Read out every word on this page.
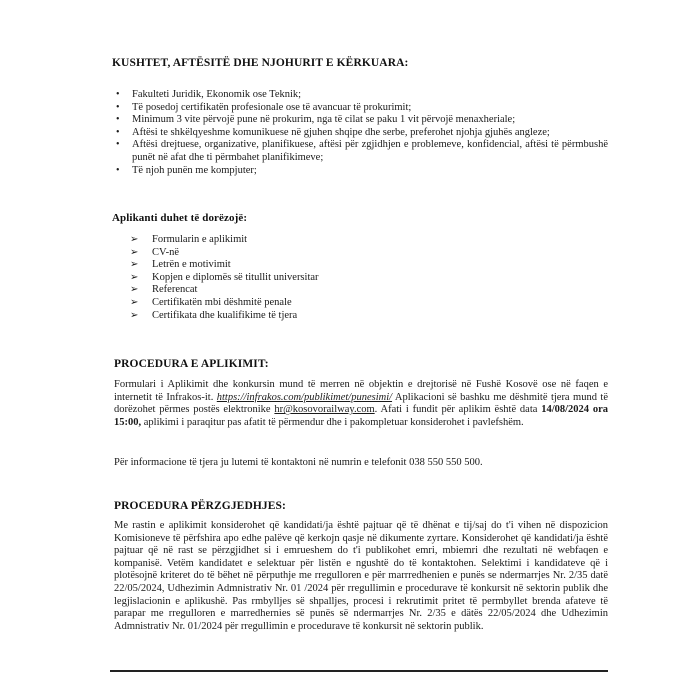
KUSHTET, AFTËSITË DHE NJOHURIT E KËRKUARA:
• Fakulteti Juridik, Ekonomik ose Teknik;
• Të posedoj certifikatën profesionale ose të avancuar të prokurimit;
• Minimum 3 vite përvojë pune në prokurim, nga të cilat se paku 1 vit përvojë menaxheriale;
• Aftësi te shkëlqyeshme komunikuese në gjuhen shqipe dhe serbe, preferohet njohja gjuhës angleze;
• Aftësi drejtuese, organizative, planifikuese, aftësi për zgjidhjen e problemeve, konfidencial, aftësi të përmbushë punët në afat dhe ti përmbahet planifikimeve;
• Të njoh punën me kompjuter;
Aplikanti duhet të dorëzojë:
➢ Formularin e aplikimit
➢ CV-në
➢ Letrën e motivimit
➢ Kopjen e diplomës së titullit universitar
➢ Referencat
➢ Certifikatën mbi dëshmitë penale
➢ Certifikata dhe kualifikime të tjera
PROCEDURA E APLIKIMIT:

Formulari i Aplikimit dhe konkursin mund të merren në objektin e drejtorisë në Fushë Kosovë ose në faqen e internetit të Infrakos-it. https://infrakos.com/publikimet/punesimi/ Aplikacioni së bashku me dëshmitë tjera mund të dorëzohet përmes postës elektronike hr@kosovorailway.com. Afati i fundit për aplikim është data 14/08/2024 ora 15:00, aplikimi i paraqitur pas afatit të përmendur dhe i pakompletuar konsiderohet i pavlefshëm.

Për informacione të tjera ju lutemi të kontaktoni në numrin e telefonit 038 550 550 500.

PROCEDURA PËRZGJEDHJES:

Me rastin e aplikimit konsiderohet që kandidati/ja është pajtuar që të dhënat e tij/saj do t'i vihen në dispozicion Komisioneve të përfshira apo edhe palëve që kerkojn qasje në dikumente zyrtare. Konsiderohet që kandidati/ja është pajtuar që në rast se përzgjidhet si i emrueshem do t'i publikohet emri, mbiemri dhe rezultati në webfaqen e kompanisë. Vetëm kandidatet e selektuar për listën e ngushtë do të kontaktohen. Selektimi i kandidateve që i plotësojnë kriteret do të bëhet në përputhje me rregulloren e për marrredhenien e punës se ndermarrjes Nr. 2/35 datë 22/05/2024, Udhezimin Admnistrativ Nr. 01 /2024 për rregullimin e procedurave të konkursit në sektorin publik dhe legjislacionin e aplikushë. Pas rmbylljes së shpalljes, procesi i rekrutimit pritet të permbyllet brenda afateve të parapar me rregulloren e marredhernies së punës së ndermarrjes Nr. 2/35 e dätës 22/05/2024 dhe Udhezimin Admnistrativ Nr. 01/2024 për rregullimin e procedurave të konkursit në sektorin publik.
